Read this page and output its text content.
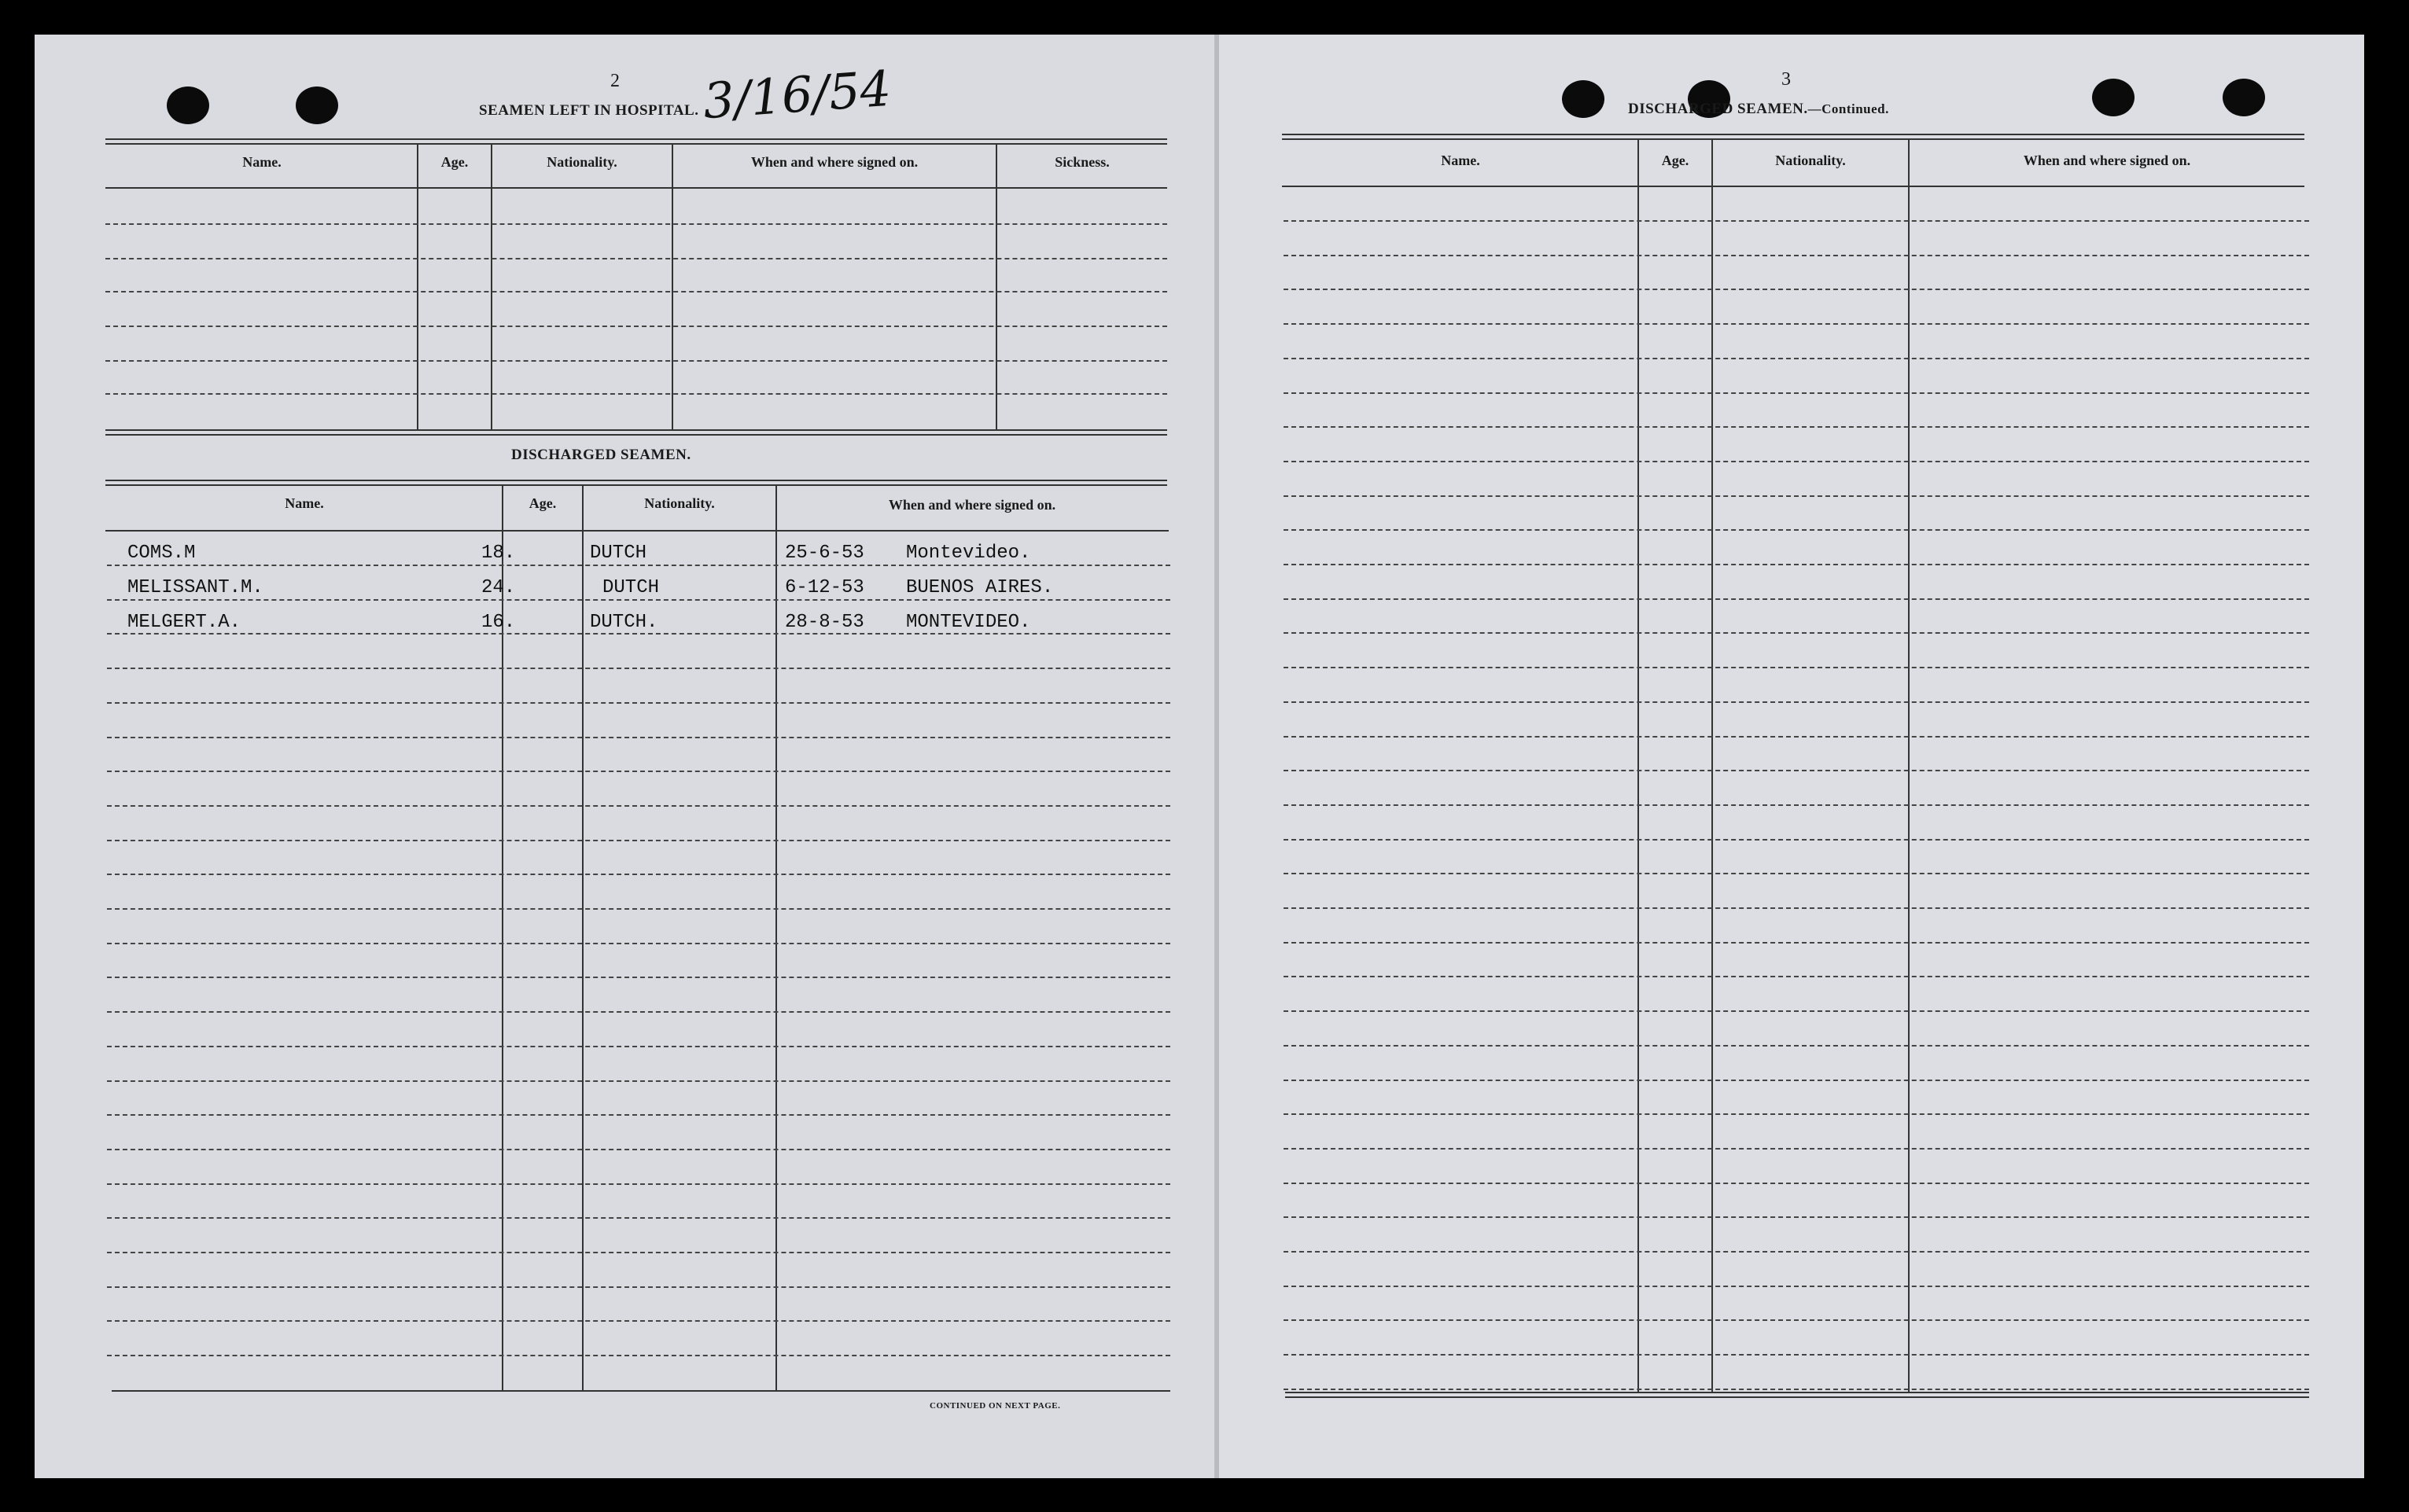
2
SEAMEN LEFT IN HOSPITAL. 3/16/54
Name.	Age.	Nationality.	When and where signed on.	Sickness.
DISCHARGED SEAMEN.
Name.	Age.	Nationality.	When and where signed on.
COMS.M	18.	DUTCH	25-6-53 Montevideo.
MELISSANT.M.	24.	DUTCH	6-12-53 BUENOS AIRES.
MELGERT.A.	16.	DUTCH.	28-8-53 MONTEVIDEO.
CONTINUED ON NEXT PAGE.
3
DISCHARGED SEAMEN.—Continued.
Name.	Age.	Nationality.	When and where signed on.
